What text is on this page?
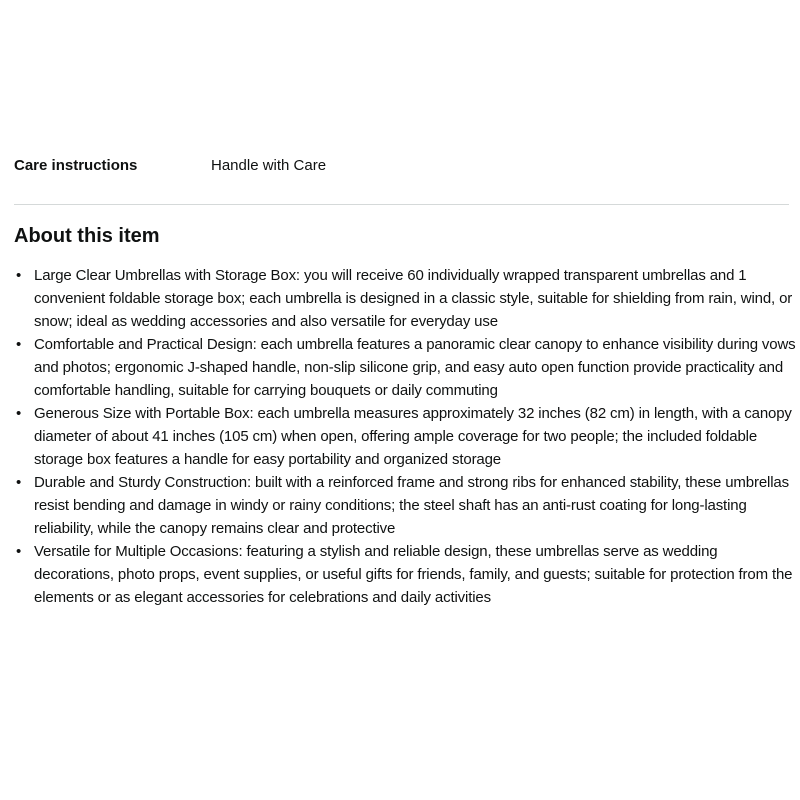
Care instructions	Handle with Care
About this item
• Large Clear Umbrellas with Storage Box: you will receive 60 individually wrapped transparent umbrellas and 1 convenient foldable storage box; each umbrella is designed in a classic style, suitable for shielding from rain, wind, or snow; ideal as wedding accessories and also versatile for everyday use
• Comfortable and Practical Design: each umbrella features a panoramic clear canopy to enhance visibility during vows and photos; ergonomic J-shaped handle, non-slip silicone grip, and easy auto open function provide practicality and comfortable handling, suitable for carrying bouquets or daily commuting
• Generous Size with Portable Box: each umbrella measures approximately 32 inches (82 cm) in length, with a canopy diameter of about 41 inches (105 cm) when open, offering ample coverage for two people; the included foldable storage box features a handle for easy portability and organized storage
• Durable and Sturdy Construction: built with a reinforced frame and strong ribs for enhanced stability, these umbrellas resist bending and damage in windy or rainy conditions; the steel shaft has an anti-rust coating for long-lasting reliability, while the canopy remains clear and protective
• Versatile for Multiple Occasions: featuring a stylish and reliable design, these umbrellas serve as wedding decorations, photo props, event supplies, or useful gifts for friends, family, and guests; suitable for protection from the elements or as elegant accessories for celebrations and daily activities
